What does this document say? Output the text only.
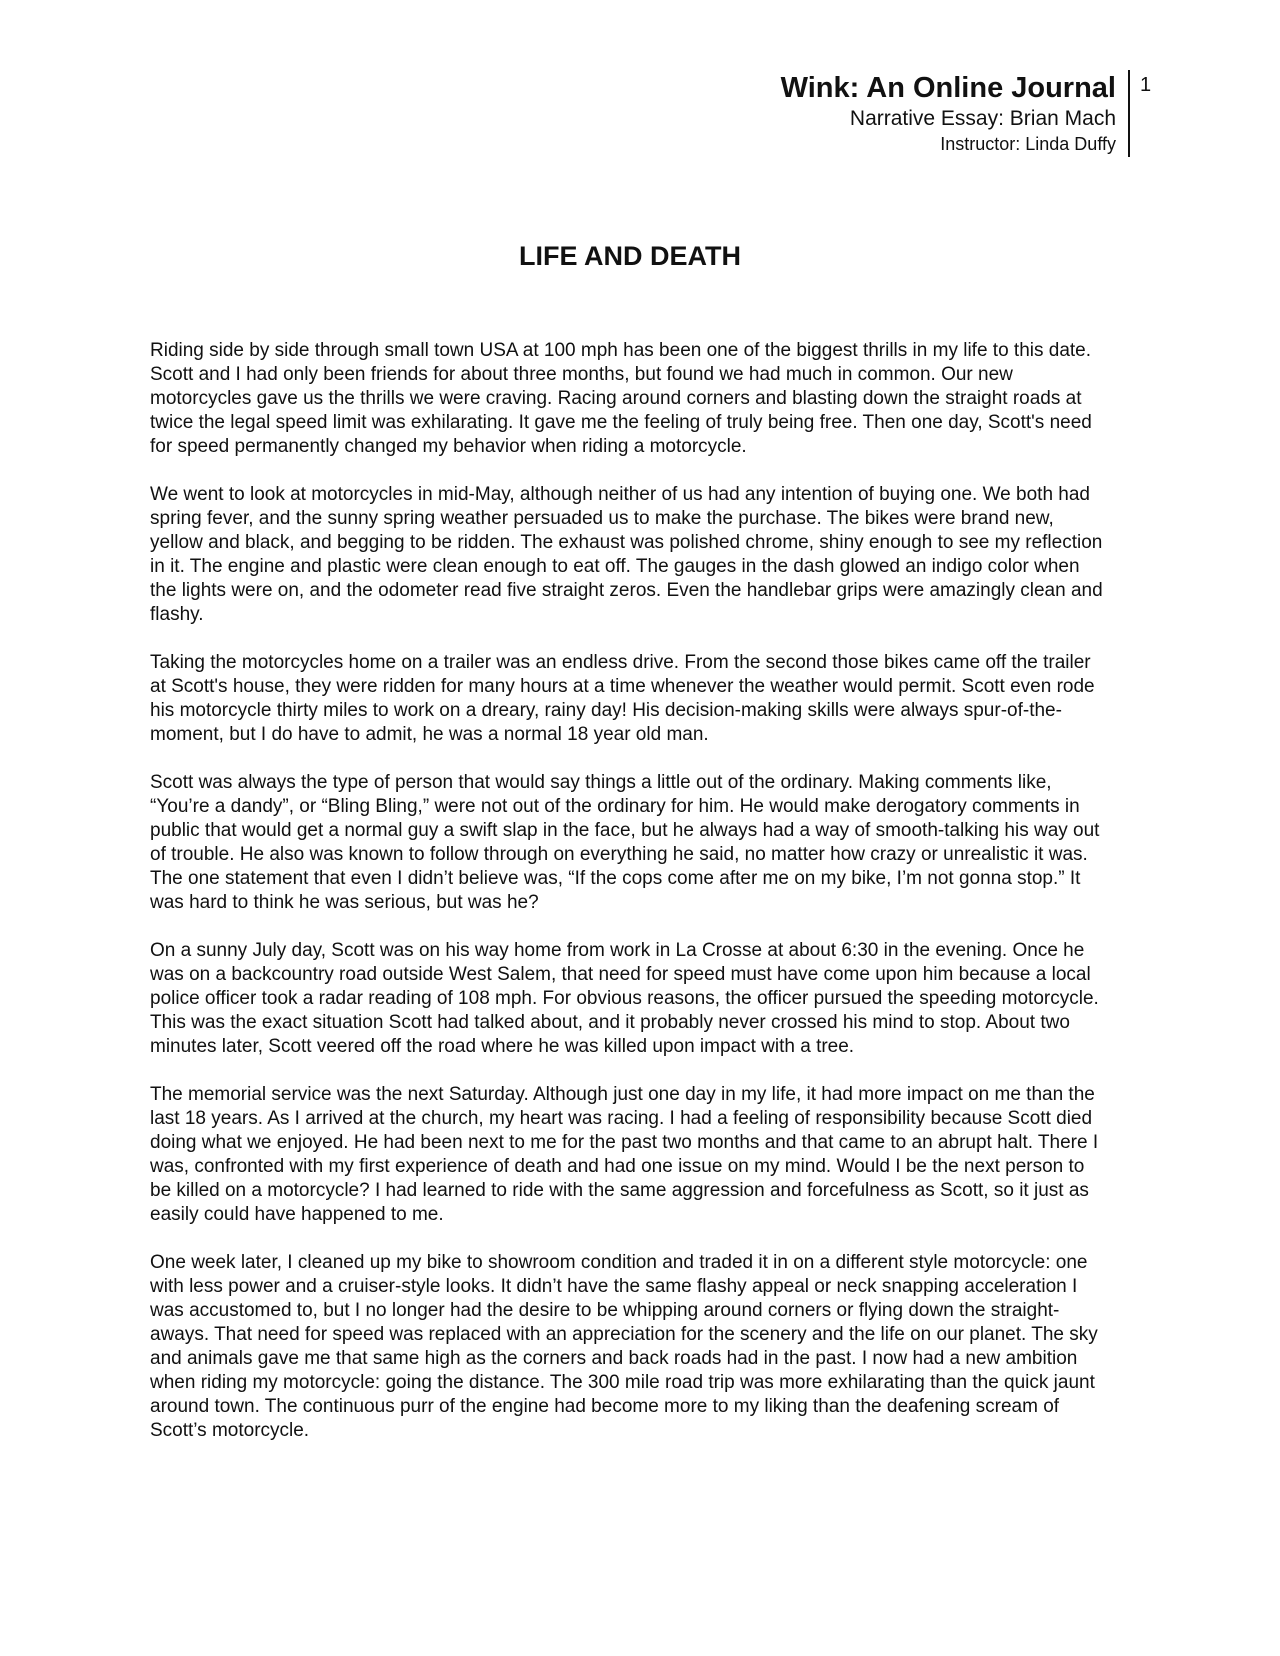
Wink: An Online Journal
Narrative Essay: Brian Mach
Instructor: Linda Duffy
1
LIFE AND DEATH

Riding side by side through small town USA at 100 mph has been one of the biggest thrills in my life to this date. Scott and I had only been friends for about three months, but found we had much in common. Our new motorcycles gave us the thrills we were craving. Racing around corners and blasting down the straight roads at twice the legal speed limit was exhilarating. It gave me the feeling of truly being free. Then one day, Scott's need for speed permanently changed my behavior when riding a motorcycle.

We went to look at motorcycles in mid-May, although neither of us had any intention of buying one. We both had spring fever, and the sunny spring weather persuaded us to make the purchase. The bikes were brand new, yellow and black, and begging to be ridden. The exhaust was polished chrome, shiny enough to see my reflection in it. The engine and plastic were clean enough to eat off. The gauges in the dash glowed an indigo color when the lights were on, and the odometer read five straight zeros. Even the handlebar grips were amazingly clean and flashy.

Taking the motorcycles home on a trailer was an endless drive. From the second those bikes came off the trailer at Scott's house, they were ridden for many hours at a time whenever the weather would permit. Scott even rode his motorcycle thirty miles to work on a dreary, rainy day! His decision-making skills were always spur-of-the-moment, but I do have to admit, he was a normal 18 year old man.

Scott was always the type of person that would say things a little out of the ordinary. Making comments like, “You’re a dandy”, or “Bling Bling,” were not out of the ordinary for him. He would make derogatory comments in public that would get a normal guy a swift slap in the face, but he always had a way of smooth-talking his way out of trouble. He also was known to follow through on everything he said, no matter how crazy or unrealistic it was. The one statement that even I didn’t believe was, “If the cops come after me on my bike, I’m not gonna stop.” It was hard to think he was serious, but was he?

On a sunny July day, Scott was on his way home from work in La Crosse at about 6:30 in the evening. Once he was on a backcountry road outside West Salem, that need for speed must have come upon him because a local police officer took a radar reading of 108 mph. For obvious reasons, the officer pursued the speeding motorcycle. This was the exact situation Scott had talked about, and it probably never crossed his mind to stop. About two minutes later, Scott veered off the road where he was killed upon impact with a tree.

The memorial service was the next Saturday. Although just one day in my life, it had more impact on me than the last 18 years. As I arrived at the church, my heart was racing. I had a feeling of responsibility because Scott died doing what we enjoyed. He had been next to me for the past two months and that came to an abrupt halt. There I was, confronted with my first experience of death and had one issue on my mind. Would I be the next person to be killed on a motorcycle? I had learned to ride with the same aggression and forcefulness as Scott, so it just as easily could have happened to me.

One week later, I cleaned up my bike to showroom condition and traded it in on a different style motorcycle: one with less power and a cruiser-style looks. It didn’t have the same flashy appeal or neck snapping acceleration I was accustomed to, but I no longer had the desire to be whipping around corners or flying down the straight-aways. That need for speed was replaced with an appreciation for the scenery and the life on our planet. The sky and animals gave me that same high as the corners and back roads had in the past. I now had a new ambition when riding my motorcycle: going the distance. The 300 mile road trip was more exhilarating than the quick jaunt around town. The continuous purr of the engine had become more to my liking than the deafening scream of Scott’s motorcycle.
